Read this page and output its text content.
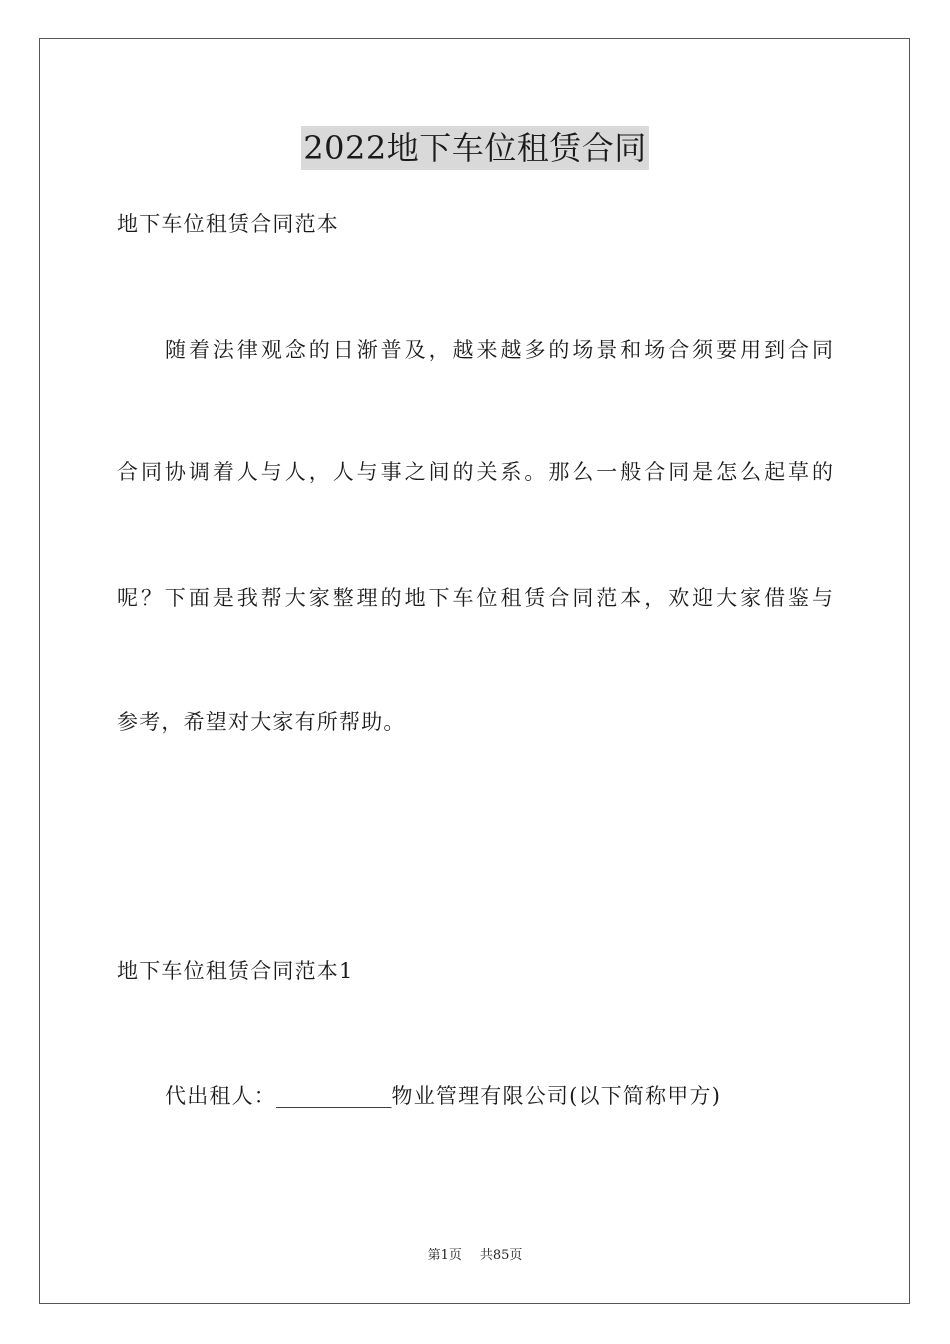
2022地下车位租赁合同
地下车位租赁合同范本
随着法律观念的日渐普及，越来越多的场景和场合须要用到合同
合同协调着人与人，人与事之间的关系。那么一般合同是怎么起草的
呢？下面是我帮大家整理的地下车位租赁合同范本，欢迎大家借鉴与
参考，希望对大家有所帮助。
地下车位租赁合同范本1
代出租人：___________物业管理有限公司(以下简称甲方)
第1页 共85页
